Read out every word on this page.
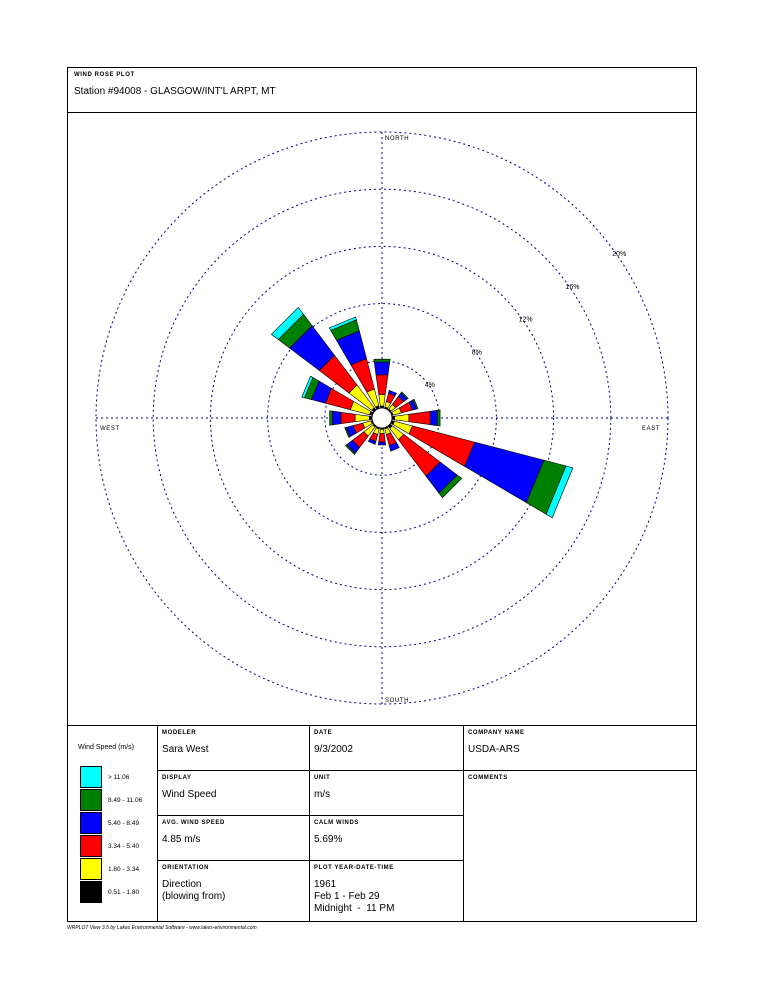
WIND ROSE PLOT
Station #94008 - GLASGOW/INT'L ARPT, MT
4%
8%
12%
16%
20%
NORTH
SOUTH
EAST
WEST
Wind Speed (m/s)
> 11.06
8.49 - 11.06
5.40 - 8.49
3.34 - 5.40
1.80 - 3.34
0.51 - 1.80
MODELER
Sara West
DATE
9/3/2002
COMPANY NAME
USDA-ARS
DISPLAY
Wind Speed
UNIT
m/s
COMMENTS
AVG. WIND SPEED
4.85 m/s
CALM WINDS
5.69%
ORIENTATION
Direction
(blowing from)
PLOT YEAR-DATE-TIME
1961
Feb 1 - Feb 29
Midnight  -  11 PM
WRPLOT View 3.5 by Lakes Environmental Software - www.lakes-environmental.com
